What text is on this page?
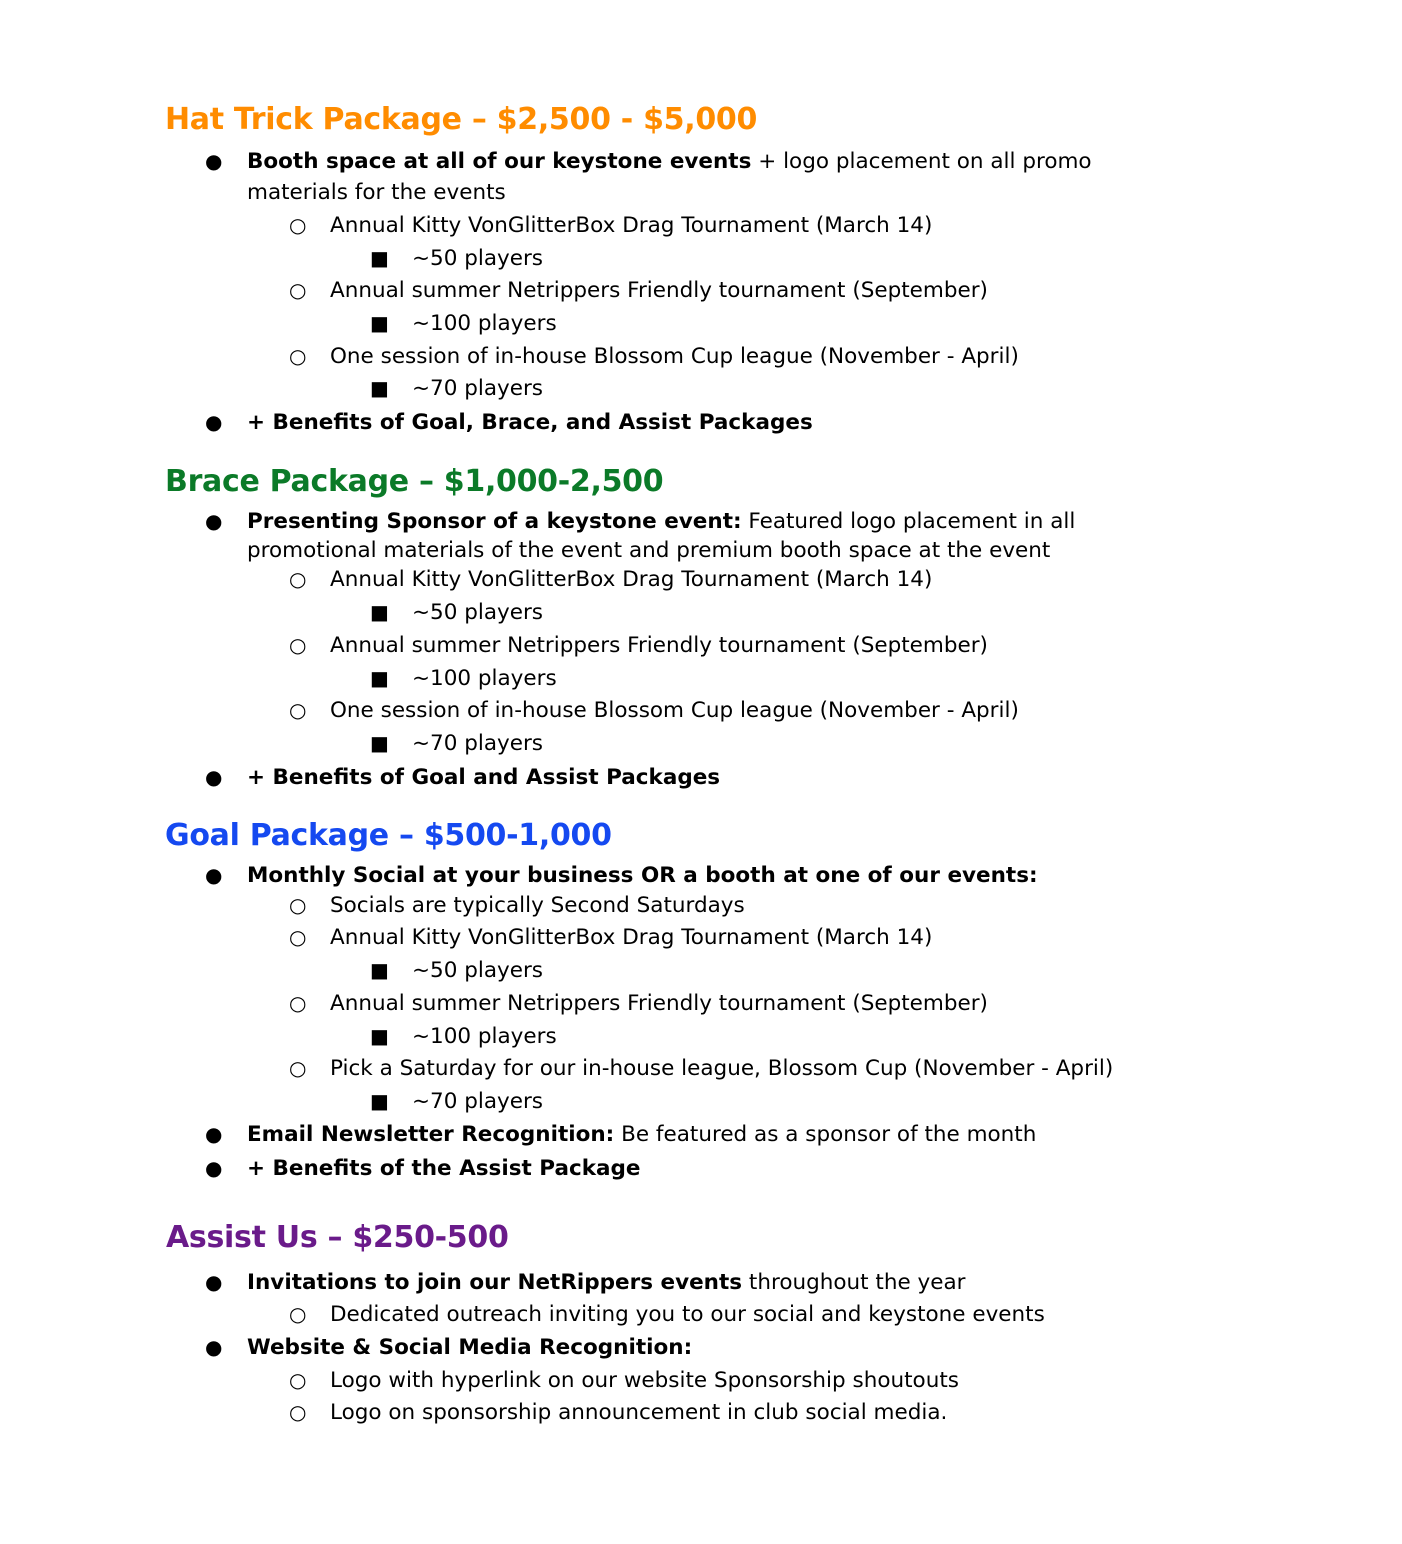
Hat Trick Package – $2,500 - $5,000
● Booth space at all of our keystone events + logo placement on all promo
materials for the events
○ Annual Kitty VonGlitterBox Drag Tournament (March 14)
■ ~50 players
○ Annual summer Netrippers Friendly tournament (September)
■ ~100 players
○ One session of in-house Blossom Cup league (November - April)
■ ~70 players
● + Benefits of Goal, Brace, and Assist Packages
Brace Package – $1,000-2,500
● Presenting Sponsor of a keystone event: Featured logo placement in all
promotional materials of the event and premium booth space at the event
○ Annual Kitty VonGlitterBox Drag Tournament (March 14)
■ ~50 players
○ Annual summer Netrippers Friendly tournament (September)
■ ~100 players
○ One session of in-house Blossom Cup league (November - April)
■ ~70 players
● + Benefits of Goal and Assist Packages
Goal Package – $500-1,000
● Monthly Social at your business OR a booth at one of our events:
○ Socials are typically Second Saturdays
○ Annual Kitty VonGlitterBox Drag Tournament (March 14)
■ ~50 players
○ Annual summer Netrippers Friendly tournament (September)
■ ~100 players
○ Pick a Saturday for our in-house league, Blossom Cup (November - April)
■ ~70 players
● Email Newsletter Recognition: Be featured as a sponsor of the month
● + Benefits of the Assist Package
Assist Us – $250-500
● Invitations to join our NetRippers events throughout the year
○ Dedicated outreach inviting you to our social and keystone events
● Website & Social Media Recognition:
○ Logo with hyperlink on our website Sponsorship shoutouts
○ Logo on sponsorship announcement in club social media.
